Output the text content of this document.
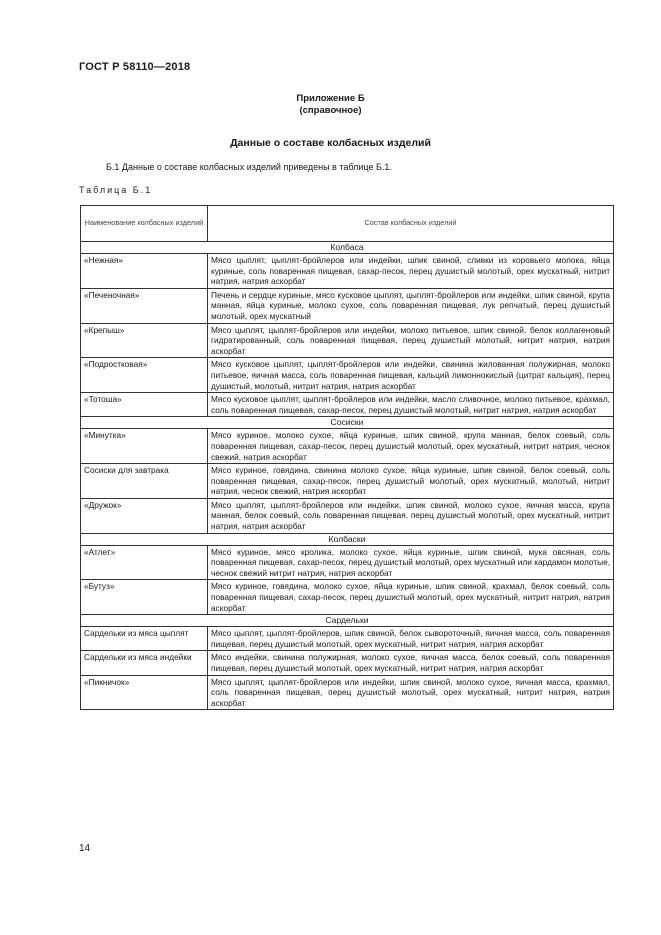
ГОСТ Р 58110—2018
Приложение Б
(справочное)
Данные о составе колбасных изделий
Б.1 Данные о составе колбасных изделий приведены в таблице Б.1.
Таблица Б.1
Наименование колбасных изделий	Состав колбасных изделий
Колбаса	
«Нежная»	Мясо цыплят, цыплят-бройлеров или индейки, шпик свиной, сливки из коровьего молока, яйца куриные, соль поваренная пищевая, сахар-песок, перец душистый молотый, орех мускатный, нитрит натрия, натрия аскорбат
«Печеночная»	Печень и сердце куриные, мясо кусковое цыплят, цыплят-бройлеров или индейки, шпик свиной, крупа манная, яйца куриные, молоко сухое, соль поваренная пищевая, лук репчатый, перец душистый молотый, орех мускатный
«Крепыш»	Мясо цыплят, цыплят-бройлеров или индейки, молоко питьевое, шпик свиной, белок коллагеновый гидратированный, соль поваренная пищевая, перец душистый молотый, нитрит натрия, натрия аскорбат
«Подростковая»	Мясо кусковое цыплят, цыплят-бройлеров или индейки, свинина жилованная полужирная, молоко питьевое, яичная масса, соль поваренная пищевая, кальций лимоннокислый (цитрат кальция), перец душистый, молотый, нитрит натрия, натрия аскорбат
«Тотоша»	Мясо кусковое цыплят, цыплят-бройлеров или индейки, масло сливочное, молоко питьевое, крахмал, соль поваренная пищевая, сахар-песок, перец душистый молотый, нитрит натрия, натрия аскорбат
Сосиски	
«Минутка»	Мясо куриное, молоко сухое, яйца куриные, шпик свиной, крупа манная, белок соевый, соль поваренная пищевая, сахар-песок, перец душистый молотый, орех мускатный, нитрит натрия, чеснок свежий, натрия аскорбат
Сосиски для завтрака	Мясо куриное, говядина, свинина молоко сухое, яйца куриные, шпик свиной, белок соевый, соль поваренная пищевая, сахар-песок, перец душистый молотый, орех мускатный, молотый, нитрит натрия, чеснок свежий, натрия аскорбат
«Дружок»	Мясо цыплят, цыплят-бройлеров или индейки, шпик свиной, молоко сухое, яичная масса, крупа манная, белок соевый, соль поваренная пищевая, перец душистый молотый, орех мускатный, нитрит натрия, натрия аскорбат
Колбаски	
«Атлет»	Мясо куриное, мясо кролика, молоко сухое, яйца куриные, шпик свиной, мука овсяная, соль поваренная пищевая, сахар-песок, перец душистый молотый, орех мускатный или кардамон молотые, чеснок свежий нитрит натрия, натрия аскорбат
«Бутуз»	Мясо куриное, говядина, молоко сухое, яйца куриные, шпик свиной, крахмал, белок соевый, соль поваренная пищевая, сахар-песок, перец душистый молотый, орех мускатный, нитрит натрия, натрия аскорбат
Сардельки	
Сардельки из мяса цыплят	Мясо цыплят, цыплят-бройлеров, шпик свиной, белок сывороточный, яичная масса, соль поваренная пищевая, перец душистый молотый, орех мускатный, нитрит натрия, натрия аскорбат
Сардельки из мяса индейки	Мясо индейки, свинина полужирная, молоко сухое, яичная масса, белок соевый, соль поваренная пищевая, перец душистый молотый, орех мускатный, нитрит натрия, натрия аскорбат
«Пикничок»	Мясо цыплят, цыплят-бройлеров или индейки, шпик свиной, молоко сухое, яичная масса, крахмал, соль поваренная пищевая, перец душистый молотый, орех мускатный, нитрит натрия, натрия аскорбат
14
